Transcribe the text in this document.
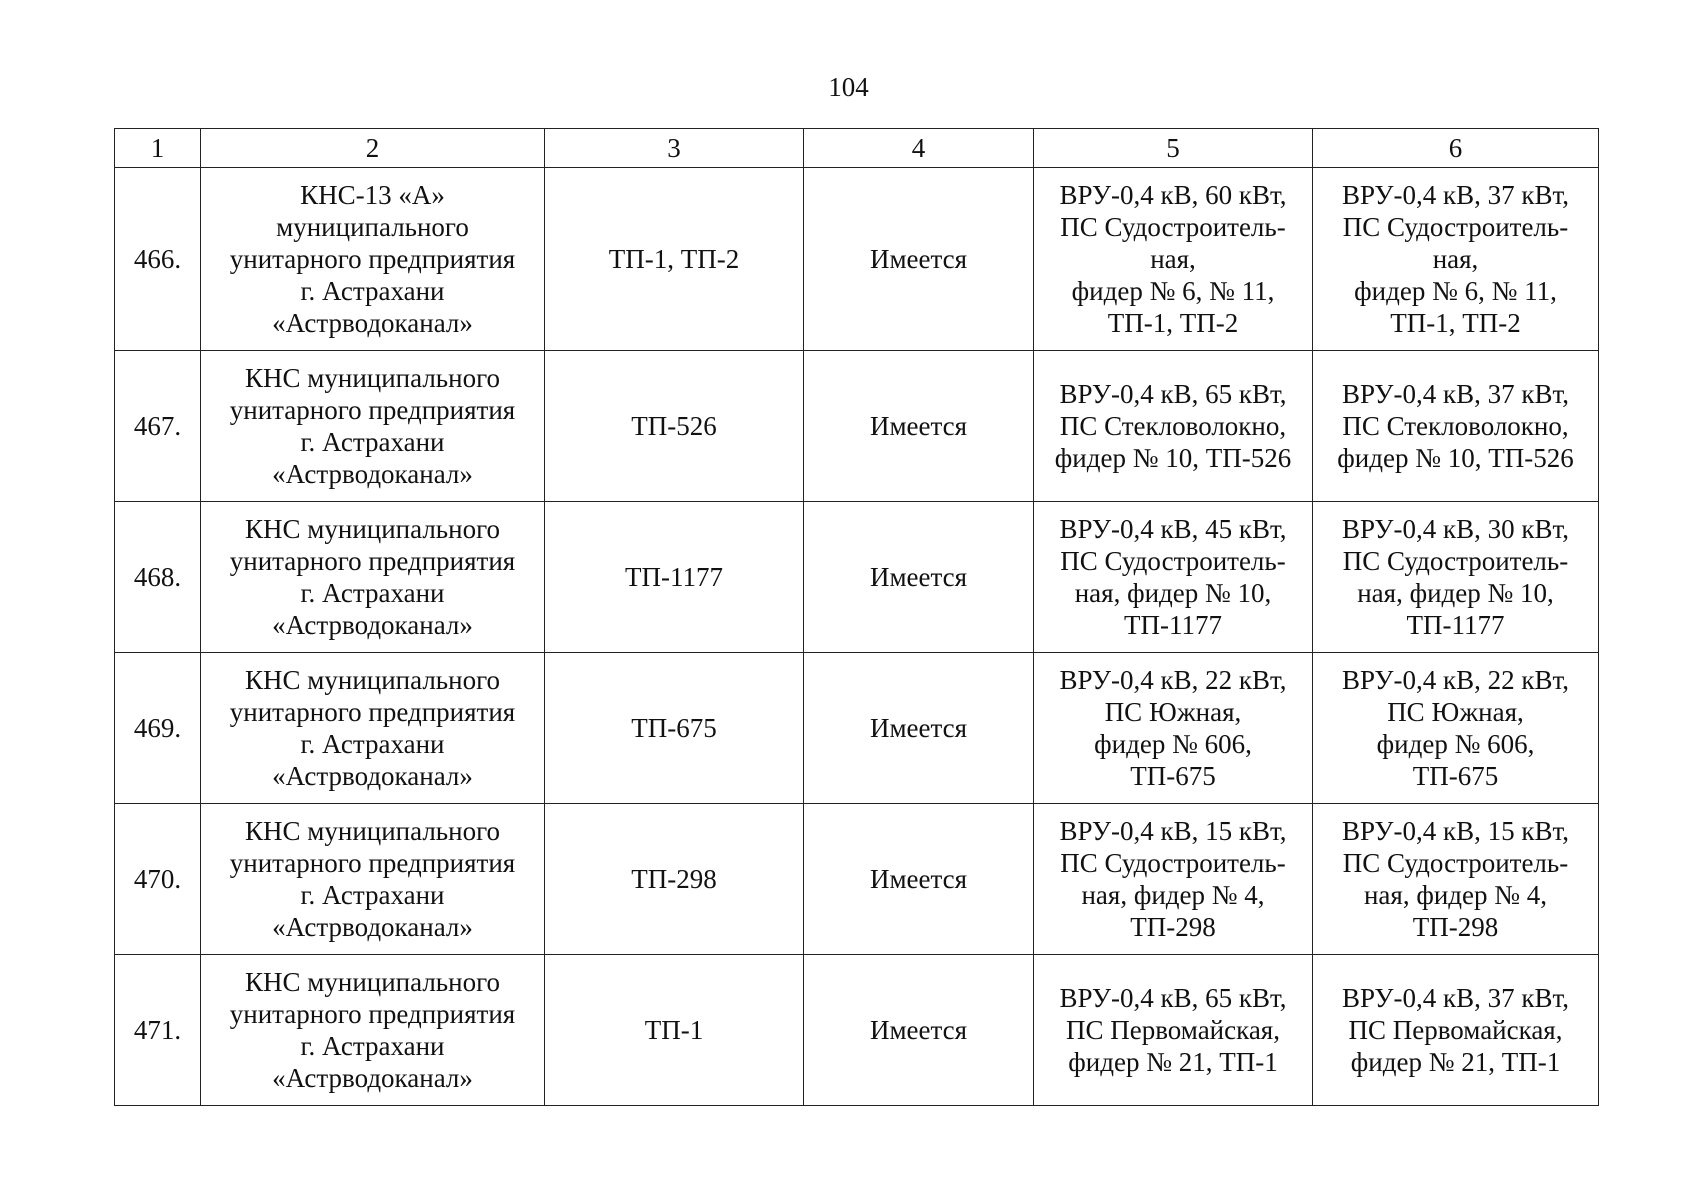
104
1	2	3	4	5	6
466.	КНС-13 «А»
муниципального
унитарного предприятия
г. Астрахани
«Астрводоканал»	ТП-1, ТП-2	Имеется	ВРУ-0,4 кВ, 60 кВт,
ПС Судостроитель-
ная,
фидер № 6, № 11,
ТП-1, ТП-2	ВРУ-0,4 кВ, 37 кВт,
ПС Судостроитель-
ная,
фидер № 6, № 11,
ТП-1, ТП-2
467.	КНС муниципального
унитарного предприятия
г. Астрахани
«Астрводоканал»	ТП-526	Имеется	ВРУ-0,4 кВ, 65 кВт,
ПС Стекловолокно,
фидер № 10, ТП-526	ВРУ-0,4 кВ, 37 кВт,
ПС Стекловолокно,
фидер № 10, ТП-526
468.	КНС муниципального
унитарного предприятия
г. Астрахани
«Астрводоканал»	ТП-1177	Имеется	ВРУ-0,4 кВ, 45 кВт,
ПС Судостроитель-
ная, фидер № 10,
ТП-1177	ВРУ-0,4 кВ, 30 кВт,
ПС Судостроитель-
ная, фидер № 10,
ТП-1177
469.	КНС муниципального
унитарного предприятия
г. Астрахани
«Астрводоканал»	ТП-675	Имеется	ВРУ-0,4 кВ, 22 кВт,
ПС Южная,
фидер № 606,
ТП-675	ВРУ-0,4 кВ, 22 кВт,
ПС Южная,
фидер № 606,
ТП-675
470.	КНС муниципального
унитарного предприятия
г. Астрахани
«Астрводоканал»	ТП-298	Имеется	ВРУ-0,4 кВ, 15 кВт,
ПС Судостроитель-
ная, фидер № 4,
ТП-298	ВРУ-0,4 кВ, 15 кВт,
ПС Судостроитель-
ная, фидер № 4,
ТП-298
471.	КНС муниципального
унитарного предприятия
г. Астрахани
«Астрводоканал»	ТП-1	Имеется	ВРУ-0,4 кВ, 65 кВт,
ПС Первомайская,
фидер № 21, ТП-1	ВРУ-0,4 кВ, 37 кВт,
ПС Первомайская,
фидер № 21, ТП-1
